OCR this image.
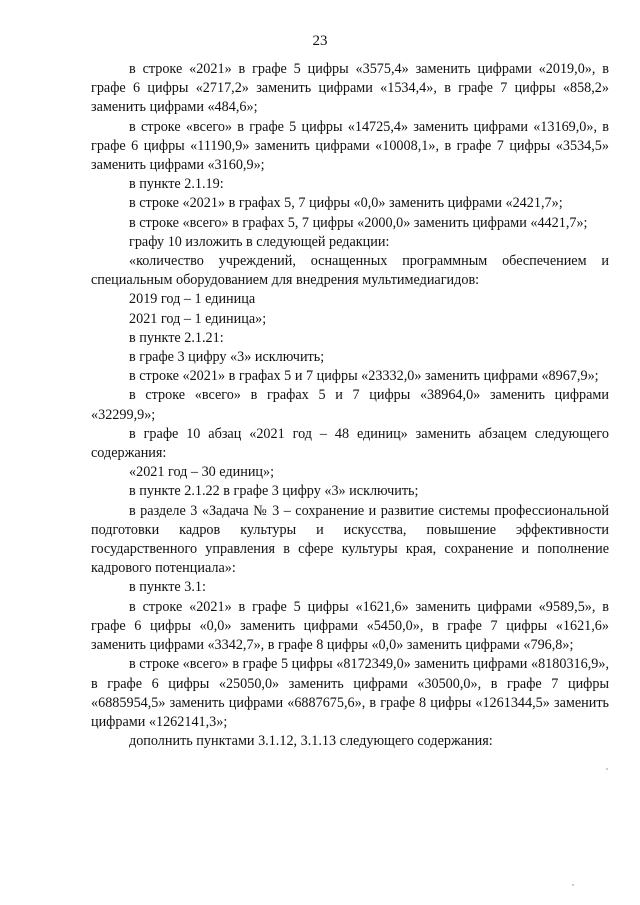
23

в строке «2021» в графе 5 цифры «3575,4» заменить цифрами «2019,0», в графе 6 цифры «2717,2» заменить цифрами «1534,4», в графе 7 цифры «858,2» заменить цифрами «484,6»;

в строке «всего» в графе 5 цифры «14725,4» заменить цифрами «13169,0», в графе 6 цифры «11190,9» заменить цифрами «10008,1», в графе 7 цифры «3534,5» заменить цифрами «3160,9»;

в пункте 2.1.19:

в строке «2021» в графах 5, 7 цифры «0,0» заменить цифрами «2421,7»;

в строке «всего» в графах 5, 7 цифры «2000,0» заменить цифрами «4421,7»;

графу 10 изложить в следующей редакции:

«количество учреждений, оснащенных программным обеспечением и специальным оборудованием для внедрения мультимедиагидов:

2019 год – 1 единица

2021 год – 1 единица»;

в пункте 2.1.21:

в графе 3 цифру «3» исключить;

в строке «2021» в графах 5 и 7 цифры «23332,0» заменить цифрами «8967,9»;

в строке «всего» в графах 5 и 7 цифры «38964,0» заменить цифрами «32299,9»;

в графе 10 абзац «2021 год – 48 единиц» заменить абзацем следующего содержания:

«2021 год – 30 единиц»;

в пункте 2.1.22 в графе 3 цифру «3» исключить;

в разделе 3 «Задача № 3 – сохранение и развитие системы профессиональной подготовки кадров культуры и искусства, повышение эффективности государственного управления в сфере культуры края, сохранение и пополнение кадрового потенциала»:

в пункте 3.1:

в строке «2021» в графе 5 цифры «1621,6» заменить цифрами «9589,5», в графе 6 цифры «0,0» заменить цифрами «5450,0», в графе 7 цифры «1621,6» заменить цифрами «3342,7», в графе 8 цифры «0,0» заменить цифрами «796,8»;

в строке «всего» в графе 5 цифры «8172349,0» заменить цифрами «8180316,9», в графе 6 цифры «25050,0» заменить цифрами «30500,0», в графе 7 цифры «6885954,5» заменить цифрами «6887675,6», в графе 8 цифры «1261344,5» заменить цифрами «1262141,3»;

дополнить пунктами 3.1.12, 3.1.13 следующего содержания:
